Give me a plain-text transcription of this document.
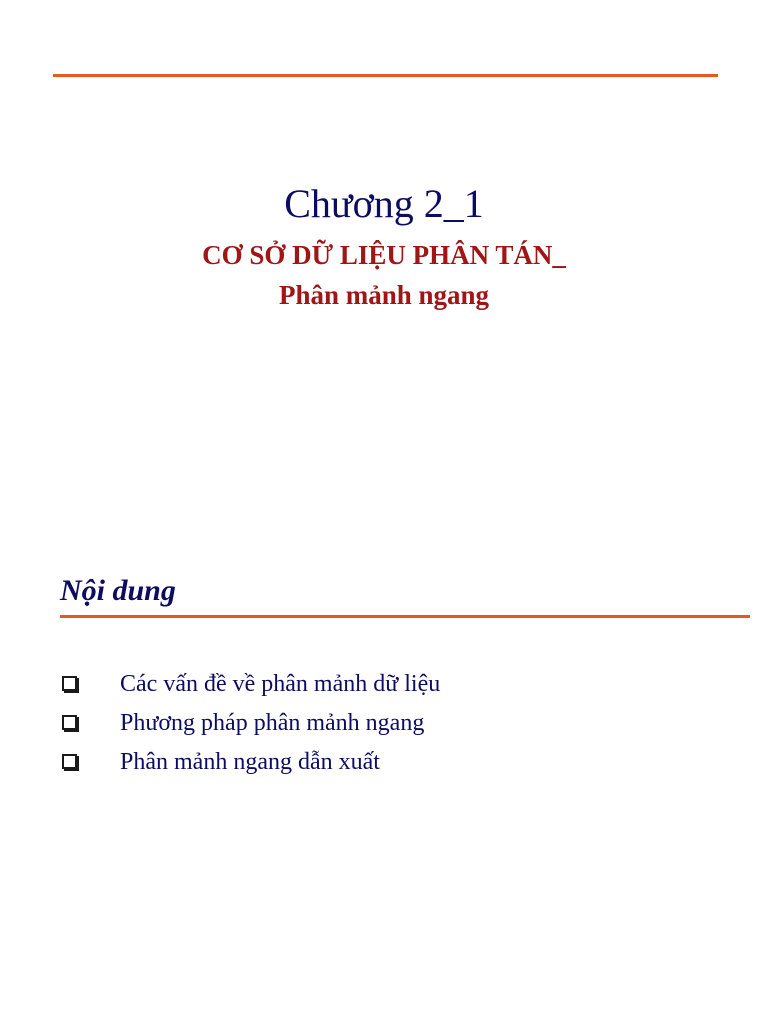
Chương 2_1
CƠ SỞ DỮ LIỆU PHÂN TÁN_
Phân mảnh ngang
Nội dung
Các vấn đề về phân mảnh dữ liệu
Phương pháp phân mảnh ngang
Phân mảnh ngang dẫn xuất
